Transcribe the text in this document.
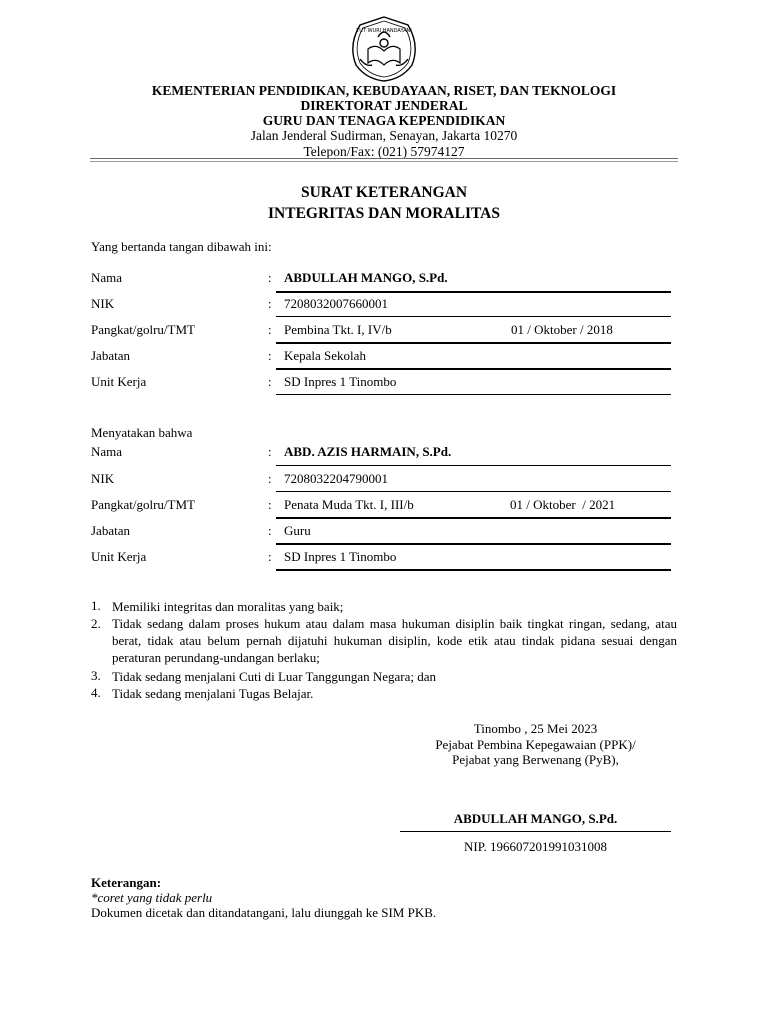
TUT WURI HANDAYANI
KEMENTERIAN PENDIDIKAN, KEBUDAYAAN, RISET, DAN TEKNOLOGI
DIREKTORAT JENDERAL
GURU DAN TENAGA KEPENDIDIKAN
Jalan Jenderal Sudirman, Senayan, Jakarta 10270
Telepon/Fax: (021) 57974127
SURAT KETERANGAN
INTEGRITAS DAN MORALITAS
Yang bertanda tangan dibawah ini:
Nama	: ABDULLAH MANGO, S.Pd.
NIK	: 7208032007660001
Pangkat/golru/TMT	: Pembina Tkt. I, IV/b	01 / Oktober / 2018
Jabatan	: Kepala Sekolah
Unit Kerja	: SD Inpres 1 Tinombo
Menyatakan bahwa
Nama	: ABD. AZIS HARMAIN, S.Pd.
NIK	: 7208032204790001
Pangkat/golru/TMT	: Penata Muda Tkt. I, III/b	01 / Oktober  / 2021
Jabatan	: Guru
Unit Kerja	: SD Inpres 1 Tinombo
1. Memiliki integritas dan moralitas yang baik;
2. Tidak sedang dalam proses hukum atau dalam masa hukuman disiplin baik tingkat ringan, sedang, atau berat, tidak atau belum pernah dijatuhi hukuman disiplin, kode etik atau tindak pidana sesuai dengan peraturan perundang-undangan berlaku;
3. Tidak sedang menjalani Cuti di Luar Tanggungan Negara; dan
4. Tidak sedang menjalani Tugas Belajar.
Tinombo , 25 Mei 2023
Pejabat Pembina Kepegawaian (PPK)/
Pejabat yang Berwenang (PyB),
ABDULLAH MANGO, S.Pd.
NIP. 196607201991031008
Keterangan:
*coret yang tidak perlu
Dokumen dicetak dan ditandatangani, lalu diunggah ke SIM PKB.
